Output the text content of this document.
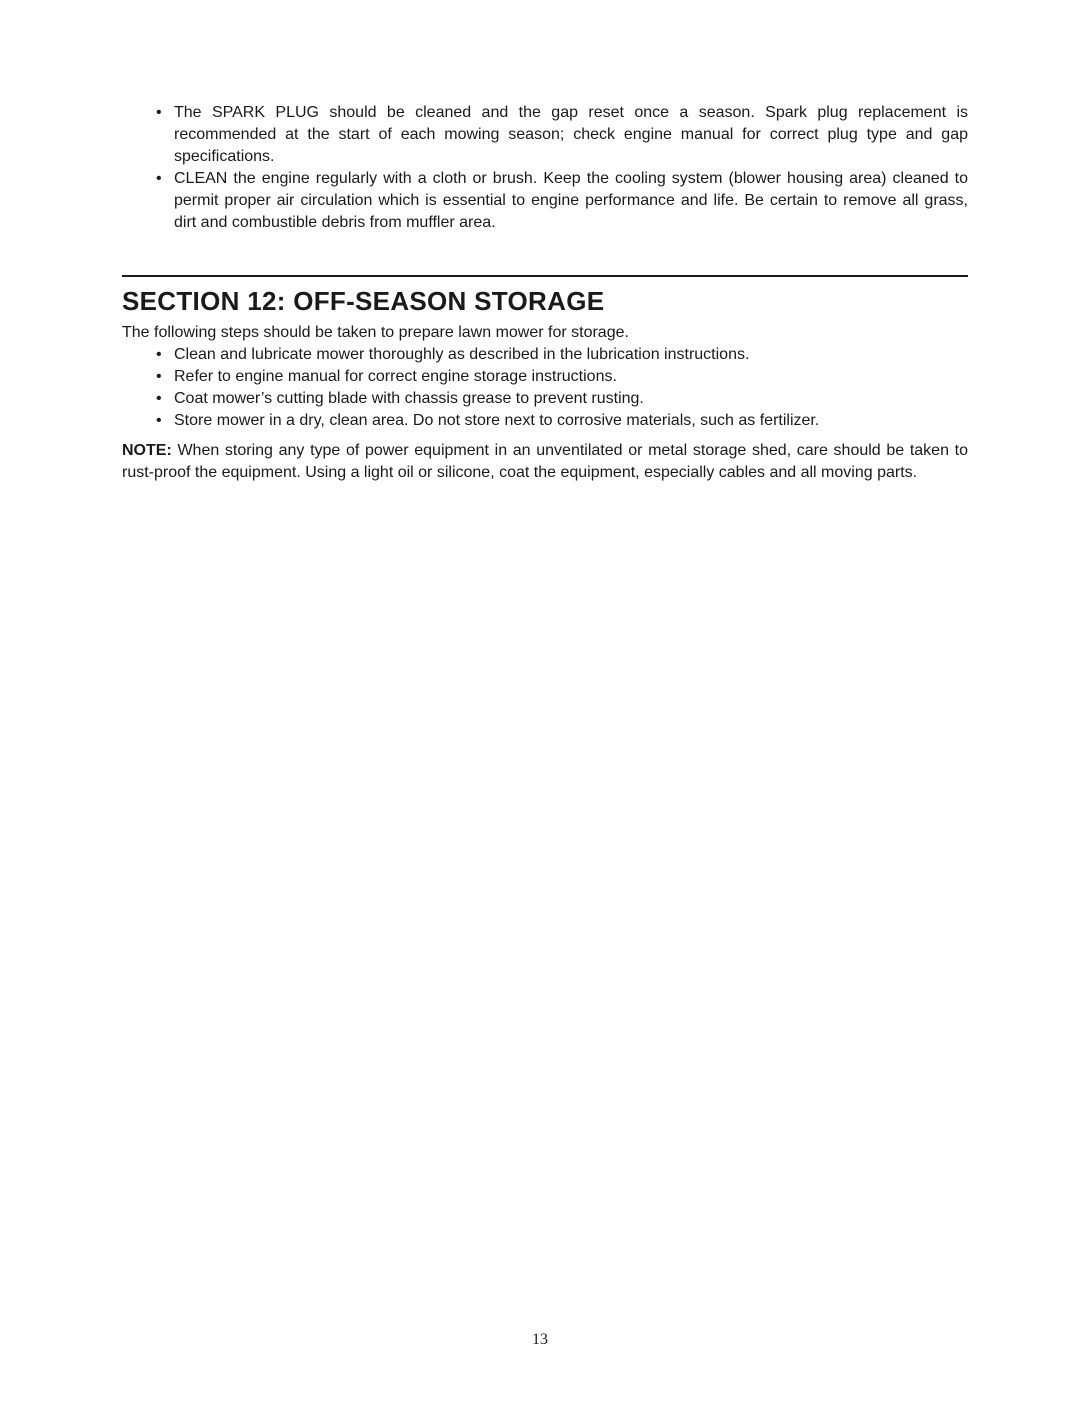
• The SPARK PLUG should be cleaned and the gap reset once a season. Spark plug replacement is recommended at the start of each mowing season; check engine manual for correct plug type and gap specifications.
• CLEAN the engine regularly with a cloth or brush. Keep the cooling system (blower housing area) cleaned to permit proper air circulation which is essential to engine performance and life. Be certain to remove all grass, dirt and combustible debris from muffler area.
SECTION 12: OFF-SEASON STORAGE

The following steps should be taken to prepare lawn mower for storage.

• Clean and lubricate mower thoroughly as described in the lubrication instructions.
• Refer to engine manual for correct engine storage instructions.
• Coat mower’s cutting blade with chassis grease to prevent rusting.
• Store mower in a dry, clean area. Do not store next to corrosive materials, such as fertilizer.

NOTE: When storing any type of power equipment in an unventilated or metal storage shed, care should be taken to rust-proof the equipment. Using a light oil or silicone, coat the equipment, especially cables and all moving parts.

13
